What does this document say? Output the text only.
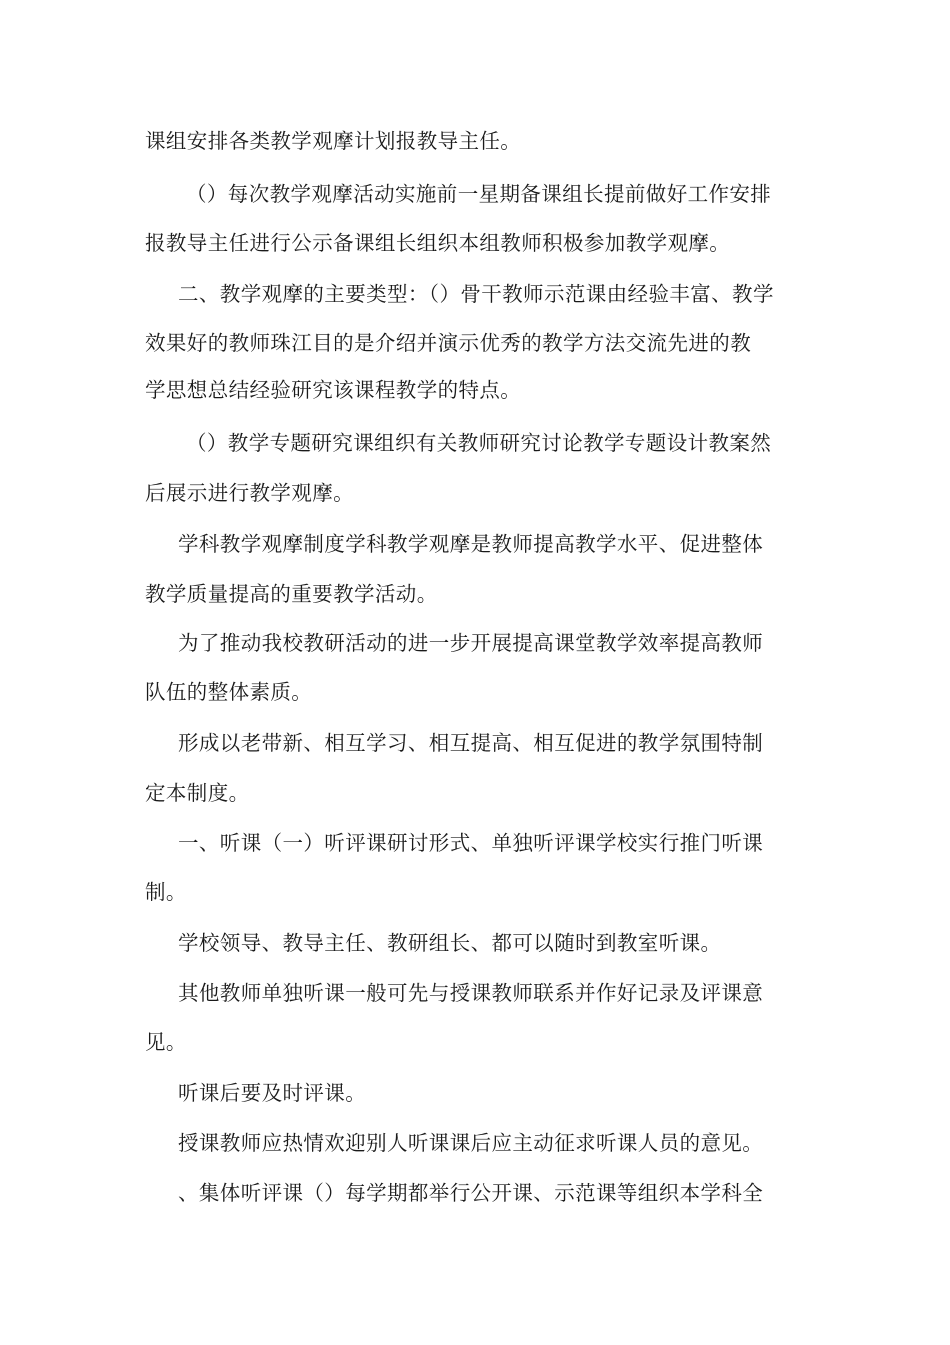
课组安排各类教学观摩计划报教导主任。
（）每次教学观摩活动实施前一星期备课组长提前做好工作安排
报教导主任进行公示备课组长组织本组教师积极参加教学观摩。
二、教学观摩的主要类型：（）骨干教师示范课由经验丰富、教学
效果好的教师珠江目的是介绍并演示优秀的教学方法交流先进的教
学思想总结经验研究该课程教学的特点。
（）教学专题研究课组织有关教师研究讨论教学专题设计教案然
后展示进行教学观摩。
学科教学观摩制度学科教学观摩是教师提高教学水平、促进整体
教学质量提高的重要教学活动。
为了推动我校教研活动的进一步开展提高课堂教学效率提高教师
队伍的整体素质。
形成以老带新、相互学习、相互提高、相互促进的教学氛围特制
定本制度。
一、听课（一）听评课研讨形式、单独听评课学校实行推门听课
制。
学校领导、教导主任、教研组长、都可以随时到教室听课。
其他教师单独听课一般可先与授课教师联系并作好记录及评课意
见。
听课后要及时评课。
授课教师应热情欢迎别人听课课后应主动征求听课人员的意见。
、集体听评课（）每学期都举行公开课、示范课等组织本学科全
